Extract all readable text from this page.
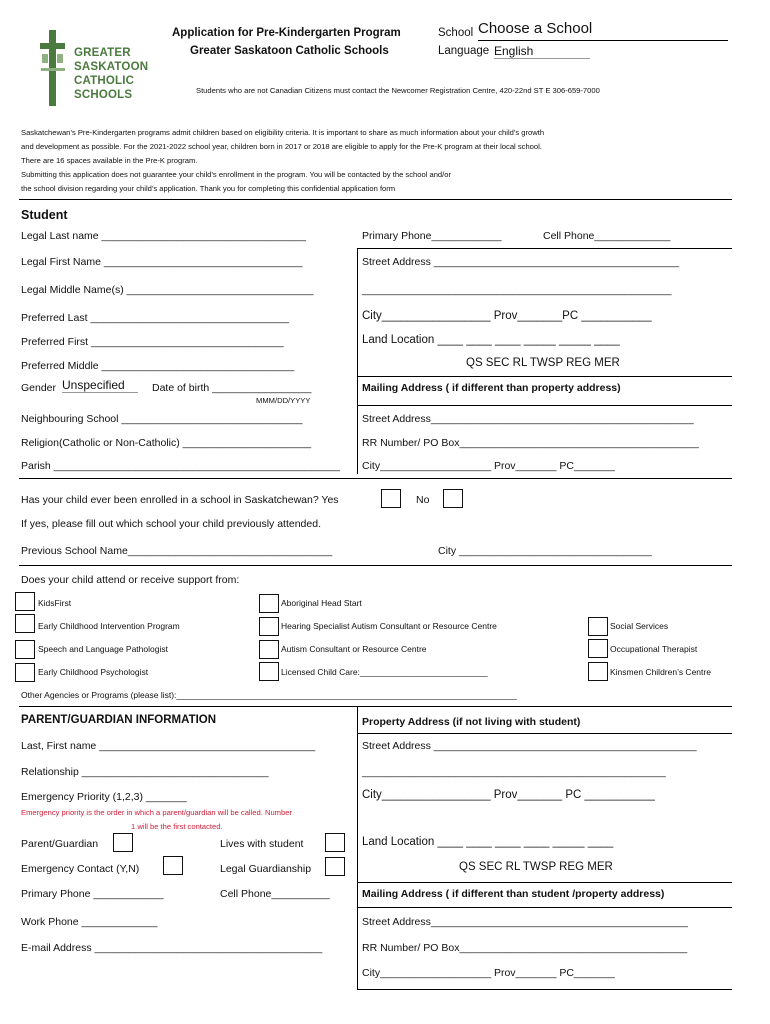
GREATER
SASKATOON
CATHOLIC
SCHOOLS
Application for Pre-Kindergarten Program
Greater Saskatoon Catholic Schools
School Choose a School
Language English
Students who are not Canadian Citizens must contact the Newcomer Registration Centre, 420-22nd ST E 306-659-7000
Saskatchewan’s Pre-Kindergarten programs admit children based on eligibility criteria. It is important to share as much information about your child’s growth
and development as possible. For the 2021-2022 school year, children born in 2017 or 2018 are eligible to apply for the Pre-K program at their local school.
There are 16 spaces available in the Pre-K program.
Submitting this application does not guarantee your child’s enrollment in the program. You will be contacted by the school and/or
the school division regarding your child’s application. Thank you for completing this confidential application form
Student
Legal Last name ___________________________________	Primary Phone____________	Cell Phone_____________
Legal First Name __________________________________	Street Address __________________________________________
Legal Middle Name(s) ________________________________	_____________________________________________________
Preferred Last __________________________________	City_________________ Prov_______PC ___________
Preferred First _________________________________	Land Location ____ ____ ____ _____ _____ ____
QS SEC RL TWSP REG MER
Preferred Middle _________________________________
Gender Unspecified	Date of birth _________________
MMM/DD/YYYY
Mailing Address ( if different than property address)
Neighbouring School _______________________________	Street Address_____________________________________________
Religion(Catholic or Non-Catholic) ______________________	RR Number/ PO Box_________________________________________
Parish _________________________________________________ City___________________ Prov_______ PC_______
Has your child ever been enrolled in a school in Saskatchewan? Yes	No
If yes, please fill out which school your child previously attended.
Previous School Name___________________________________	City _________________________________
Does your child attend or receive support from:
KidsFirst
Early Childhood Intervention Program
Speech and Language Pathologist
Early Childhood Psychologist
Aboriginal Head Start
Hearing Specialist Autism Consultant or Resource Centre
Autism Consultant or Resource Centre
Licensed Child Care:___________________________
Social Services
Occupational Therapist
Kinsmen Children’s Centre
Other Agencies or Programs (please list):________________________________________________________________________
PARENT/GUARDIAN INFORMATION	Property Address (if not living with student)
Last, First name _____________________________________	Street Address _____________________________________________
Relationship ________________________________	____________________________________________________
Emergency Priority (1,2,3) _______	City_________________ Prov_______ PC ___________
Emergency priority is the order in which a parent/guardian will be called. Number
1 will be the first contacted.
Parent/Guardian	Lives with student	Land Location ____ ____ ____ ____ _____ ____
Emergency Contact (Y,N)	Legal Guardianship	QS SEC RL TWSP REG MER
Primary Phone ____________	Cell Phone__________	Mailing Address ( if different than student /property address)
Work Phone _____________	Street Address____________________________________________
E-mail Address _______________________________________	RR Number/ PO Box_______________________________________
City___________________ Prov_______ PC_______
